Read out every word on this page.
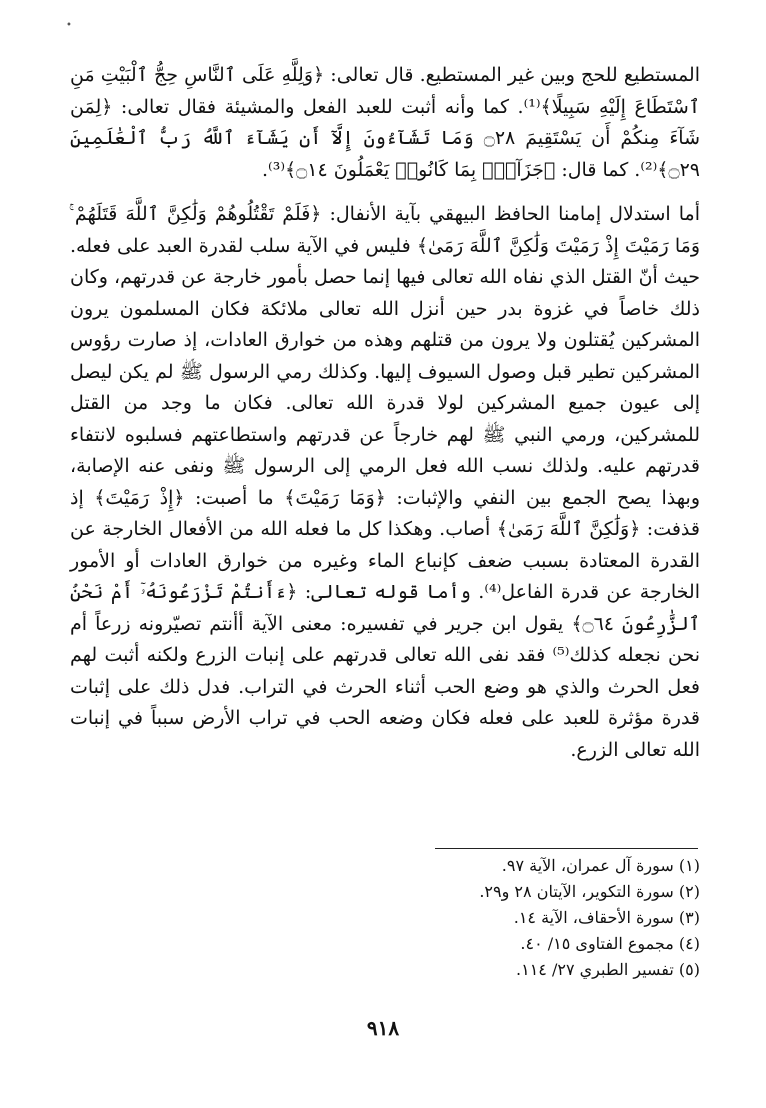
•

المستطيع للحج وبين غير المستطيع. قال تعالى: ﴿وَلِلَّهِ عَلَى ٱلنَّاسِ حِجُّ ٱلْبَيْتِ مَنِ ٱسْتَطَاعَ إِلَيْهِ سَبِيلًا﴾⁽¹⁾. كما وأنه أثبت للعبد الفعل والمشيئة فقال تعالى: ﴿لِمَن شَآءَ مِنكُمْ أَن يَسْتَقِيمَ ۝٢٨ وَمَا تَشَآءُونَ إِلَّآ أَن يَشَآءَ ٱللَّهُ رَبُّ ٱلْعَٰلَمِينَ ۝٢٩﴾⁽²⁾. كما قال: ﴿جَزَآءًۢ بِمَا كَانُوا۟ يَعْمَلُونَ ۝١٤﴾⁽³⁾.

أما استدلال إمامنا الحافظ البيهقي بآية الأنفال: ﴿فَلَمْ تَقْتُلُوهُمْ وَلَٰكِنَّ ٱللَّهَ قَتَلَهُمْ ۚ وَمَا رَمَيْتَ إِذْ رَمَيْتَ وَلَٰكِنَّ ٱللَّهَ رَمَىٰ﴾ فليس في الآية سلب لقدرة العبد على فعله. حيث أنّ القتل الذي نفاه الله تعالى فيها إنما حصل بأمور خارجة عن قدرتهم، وكان ذلك خاصاً في غزوة بدر حين أنزل الله تعالى ملائكة فكان المسلمون يرون المشركين يُقتلون ولا يرون من قتلهم وهذه من خوارق العادات، إذ صارت رؤوس المشركين تطير قبل وصول السيوف إليها. وكذلك رمي الرسول ﷺ لم يكن ليصل إلى عيون جميع المشركين لولا قدرة الله تعالى. فكان ما وجد من القتل للمشركين، ورمي النبي ﷺ لهم خارجاً عن قدرتهم واستطاعتهم فسلبوه لانتفاء قدرتهم عليه. ولذلك نسب الله فعل الرمي إلى الرسول ﷺ ونفى عنه الإصابة، وبهذا يصح الجمع بين النفي والإثبات: ﴿وَمَا رَمَيْتَ﴾ ما أصبت: ﴿إِذْ رَمَيْتَ﴾ إذ قذفت: ﴿وَلَٰكِنَّ ٱللَّهَ رَمَىٰ﴾ أصاب. وهكذا كل ما فعله الله من الأفعال الخارجة عن القدرة المعتادة بسبب ضعف كإنباع الماء وغيره من خوارق العادات أو الأمور الخارجة عن قدرة الفاعل⁽⁴⁾. وأما قوله تعالى: ﴿ءَأَنتُمْ تَزْرَعُونَهُۥٓ أَمْ نَحْنُ ٱلزَّٰرِعُونَ ۝٦٤﴾ يقول ابن جرير في تفسيره: معنى الآية أأنتم تصيّرونه زرعاً أم نحن نجعله كذلك⁽⁵⁾ فقد نفى الله تعالى قدرتهم على إنبات الزرع ولكنه أثبت لهم فعل الحرث والذي هو وضع الحب أثناء الحرث في التراب. فدل ذلك على إثبات قدرة مؤثرة للعبد على فعله فكان وضعه الحب في تراب الأرض سبباً في إنبات الله تعالى الزرع.

(١) سورة آل عمران، الآية ٩٧.
(٢) سورة التكوير، الآيتان ٢٨ و٢٩.
(٣) سورة الأحقاف، الآية ١٤.
(٤) مجموع الفتاوى ١٥/ ٤٠.
(٥) تفسير الطبري ٢٧/ ١١٤.
٩١٨
